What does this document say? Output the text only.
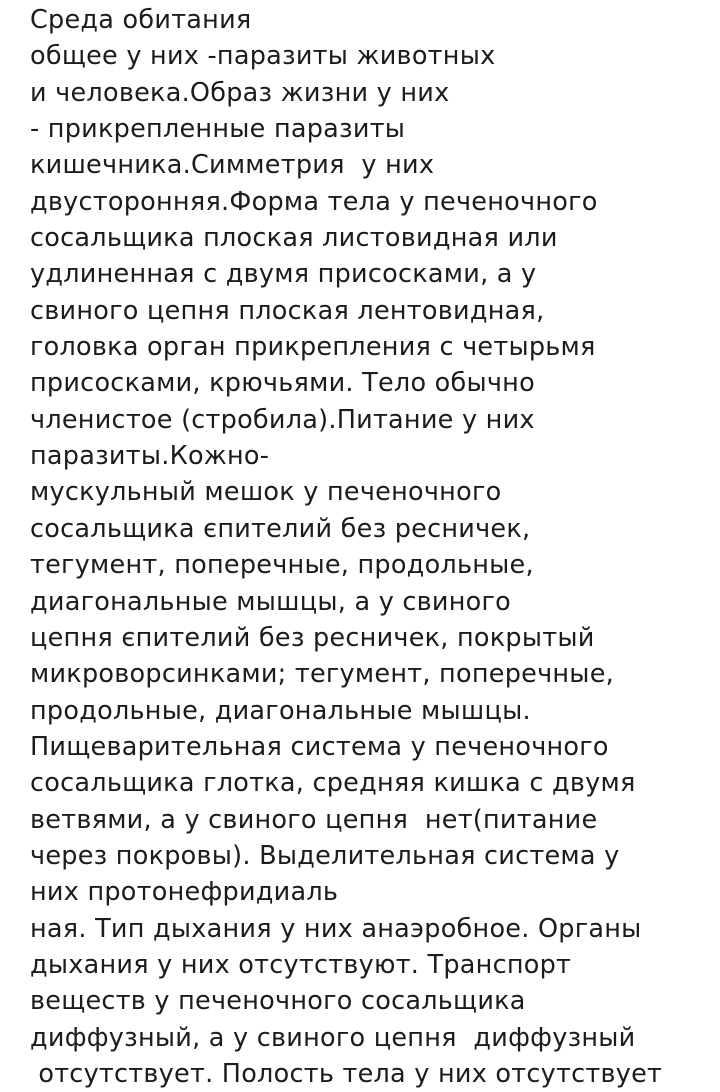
Среда обитания
общее у них -паразиты животных
и человека.Образ жизни у них
- прикрепленные паразиты
кишечника.Симметрия  у них
двусторонняя.Форма тела у печеночного
сосальщика плоская листовидная или
удлиненная с двумя присосками, а у
свиного цепня плоская лентовидная,
головка орган прикрепления с четырьмя
присосками, крючьями. Тело обычно
членистое (стробила).Питание у них
паразиты.Кожно-
мускульный мешок у печеночного
сосальщика єпителий без ресничек,
тегумент, поперечные, продольные,
диагональные мышцы, а у свиного
цепня єпителий без ресничек, покрытый
микроворсинками; тегумент, поперечные,
продольные, диагональные мышцы.
Пищеварительная система у печеночного
сосальщика глотка, средняя кишка с двумя
ветвями, а у свиного цепня  нет(питание
через покровы). Выделительная система у
них протонефридиаль
ная. Тип дыхания у них анаэробное. Органы
дыхания у них отсутствуют. Транспорт
веществ у печеночного сосальщика
диффузный, а у свиного цепня  диффузный
отсутствует. Полость тела у них отсутствует
